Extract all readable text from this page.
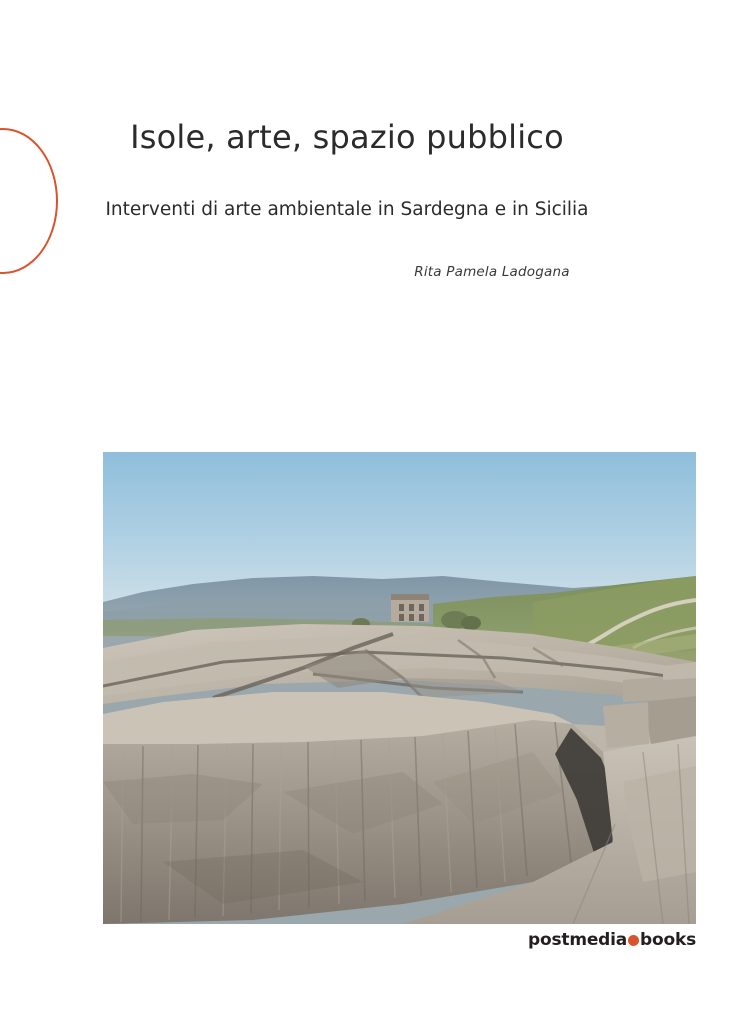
Isole, arte, spazio pubblico

Interventi di arte ambientale in Sardegna e in Sicilia

Rita Pamela Ladogana

postmedia books
